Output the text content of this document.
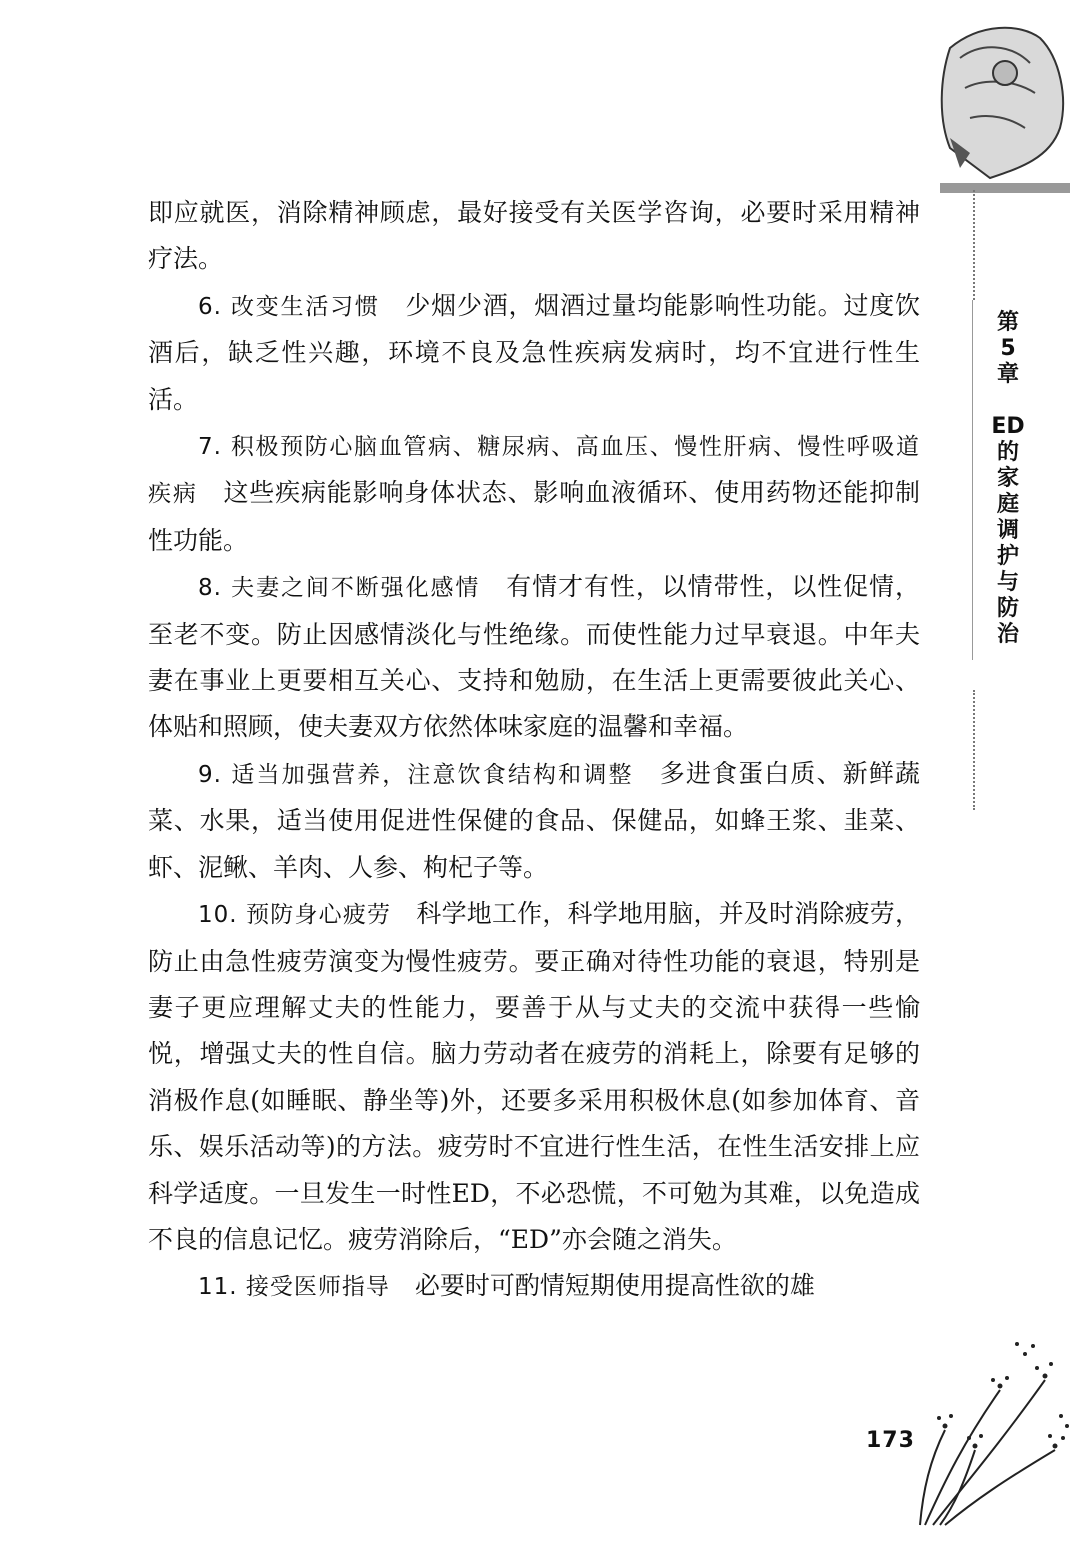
第
5
章
ED
的
家
庭
调
护
与
防
治

即应就医，消除精神顾虑，最好接受有关医学咨询，必要时采用精神疗法。

6. 改变生活习惯  少烟少酒，烟酒过量均能影响性功能。过度饮酒后，缺乏性兴趣，环境不良及急性疾病发病时，均不宜进行性生活。

7. 积极预防心脑血管病、糖尿病、高血压、慢性肝病、慢性呼吸道疾病  这些疾病能影响身体状态、影响血液循环、使用药物还能抑制性功能。

8. 夫妻之间不断强化感情  有情才有性，以情带性，以性促情，至老不变。防止因感情淡化与性绝缘。而使性能力过早衰退。中年夫妻在事业上更要相互关心、支持和勉励，在生活上更需要彼此关心、体贴和照顾，使夫妻双方依然体味家庭的温馨和幸福。

9. 适当加强营养，注意饮食结构和调整  多进食蛋白质、新鲜蔬菜、水果，适当使用促进性保健的食品、保健品，如蜂王浆、韭菜、虾、泥鳅、羊肉、人参、枸杞子等。

10. 预防身心疲劳  科学地工作，科学地用脑，并及时消除疲劳，防止由急性疲劳演变为慢性疲劳。要正确对待性功能的衰退，特别是妻子更应理解丈夫的性能力，要善于从与丈夫的交流中获得一些愉悦，增强丈夫的性自信。脑力劳动者在疲劳的消耗上，除要有足够的消极作息(如睡眠、静坐等)外，还要多采用积极休息(如参加体育、音乐、娱乐活动等)的方法。疲劳时不宜进行性生活，在性生活安排上应科学适度。一旦发生一时性ED，不必恐慌，不可勉为其难，以免造成不良的信息记忆。疲劳消除后，“ED”亦会随之消失。

11. 接受医师指导  必要时可酌情短期使用提高性欲的雄

173
